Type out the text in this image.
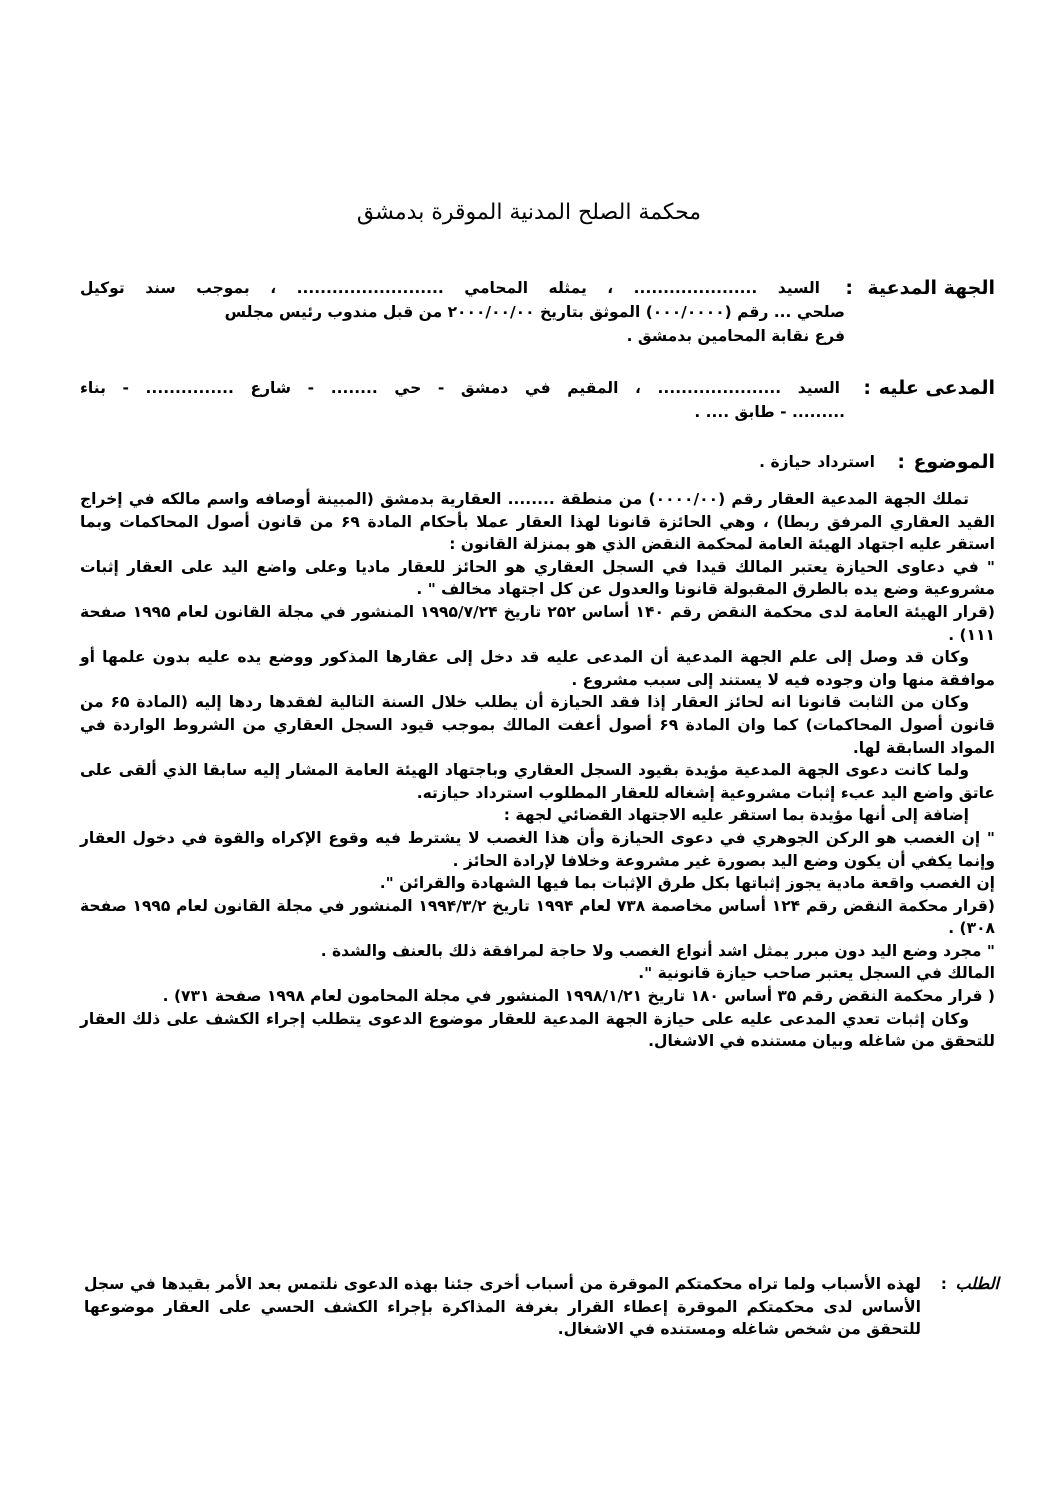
محكمة الصلح المدنية الموقرة بدمشق
الجهة المدعية
:

السيد ..................... ، يمثله المحامي ......................... ، بموجب سند توكيل

صلحي ... رقم (۰۰۰/۰۰۰۰) الموثق بتاريخ ۲۰۰۰/۰۰/۰۰ من قبل مندوب رئيس مجلس

فرع نقابة المحامين بدمشق .

المدعى عليه
:

السيد ..................... ، المقيم في دمشق - حي ........ - شارع ............... - بناء

......... - طابق .... .

الموضوع
:
استرداد حيازة .

تملك الجهة المدعية العقار رقم (۰۰۰۰/۰۰) من منطقة ........ العقارية بدمشق (المبينة أوصافه واسم مالكه في إخراج القيد العقاري المرفق ربطا) ، وهي الحائزة قانونا لهذا العقار عملا بأحكام المادة ۶۹ من قانون أصول المحاكمات وبما استقر عليه اجتهاد الهيئة العامة لمحكمة النقض الذي هو بمنزلة القانون :

" في دعاوى الحيازة يعتبر المالك قيدا في السجل العقاري هو الحائز للعقار ماديا وعلى واضع اليد على العقار إثبات مشروعية وضع يده بالطرق المقبولة قانونا والعدول عن كل اجتهاد مخالف " .

(قرار الهيئة العامة لدى محكمة النقض رقم ۱۴۰ أساس ۲۵۲ تاريخ ۱۹۹۵/۷/۲۴ المنشور في مجلة القانون لعام ۱۹۹۵ صفحة ۱۱۱) .

وكان قد وصل إلى علم الجهة المدعية أن المدعى عليه قد دخل إلى عقارها المذكور ووضع يده عليه بدون علمها أو موافقة منها وان وجوده فيه لا يستند إلى سبب مشروع .

وكان من الثابت قانونا انه لحائز العقار إذا فقد الحيازة أن يطلب خلال السنة التالية لفقدها ردها إليه (المادة ۶۵ من قانون أصول المحاكمات) كما وان المادة ۶۹ أصول أعفت المالك بموجب قيود السجل العقاري من الشروط الواردة في المواد السابقة لها.

ولما كانت دعوى الجهة المدعية مؤيدة بقيود السجل العقاري وباجتهاد الهيئة العامة المشار إليه سابقا الذي ألقى على عاتق واضع اليد عبء إثبات مشروعية إشغاله للعقار المطلوب استرداد حيازته.

إضافة إلى أنها مؤيدة بما استقر عليه الاجتهاد القضائي لجهة :

" إن الغصب هو الركن الجوهري في دعوى الحيازة وأن هذا الغصب لا يشترط فيه وقوع الإكراه والقوة في دخول العقار وإنما يكفي أن يكون وضع اليد بصورة غير مشروعة وخلافا لإرادة الحائز .

إن الغصب واقعة مادية يجوز إثباتها بكل طرق الإثبات بما فيها الشهادة والقرائن ".

(قرار محكمة النقض رقم ۱۲۴ أساس مخاصمة ۷۳۸ لعام ۱۹۹۴ تاريخ ۱۹۹۴/۳/۲ المنشور في مجلة القانون لعام ۱۹۹۵ صفحة ۳۰۸) .

" مجرد وضع اليد دون مبرر يمثل اشد أنواع الغصب ولا حاجة لمرافقة ذلك بالعنف والشدة .

المالك في السجل يعتبر صاحب حيازة قانونية ".

( قرار محكمة النقض رقم ۳۵ أساس ۱۸۰ تاريخ ۱۹۹۸/۱/۲۱ المنشور في مجلة المحامون لعام ۱۹۹۸ صفحة ۷۳۱) .

وكان إثبات تعدي المدعى عليه على حيازة الجهة المدعية للعقار موضوع الدعوى يتطلب إجراء الكشف على ذلك العقار للتحقق من شاغله وبيان مستنده في الاشغال.

الطلب
:

لهذه الأسباب ولما تراه محكمتكم الموقرة من أسباب أخرى جئنا بهذه الدعوى نلتمس بعد الأمر بقيدها في سجل الأساس لدى محكمتكم الموقرة إعطاء القرار بغرفة المذاكرة بإجراء الكشف الحسي على العقار موضوعها للتحقق من شخص شاغله ومستنده في الاشغال.
